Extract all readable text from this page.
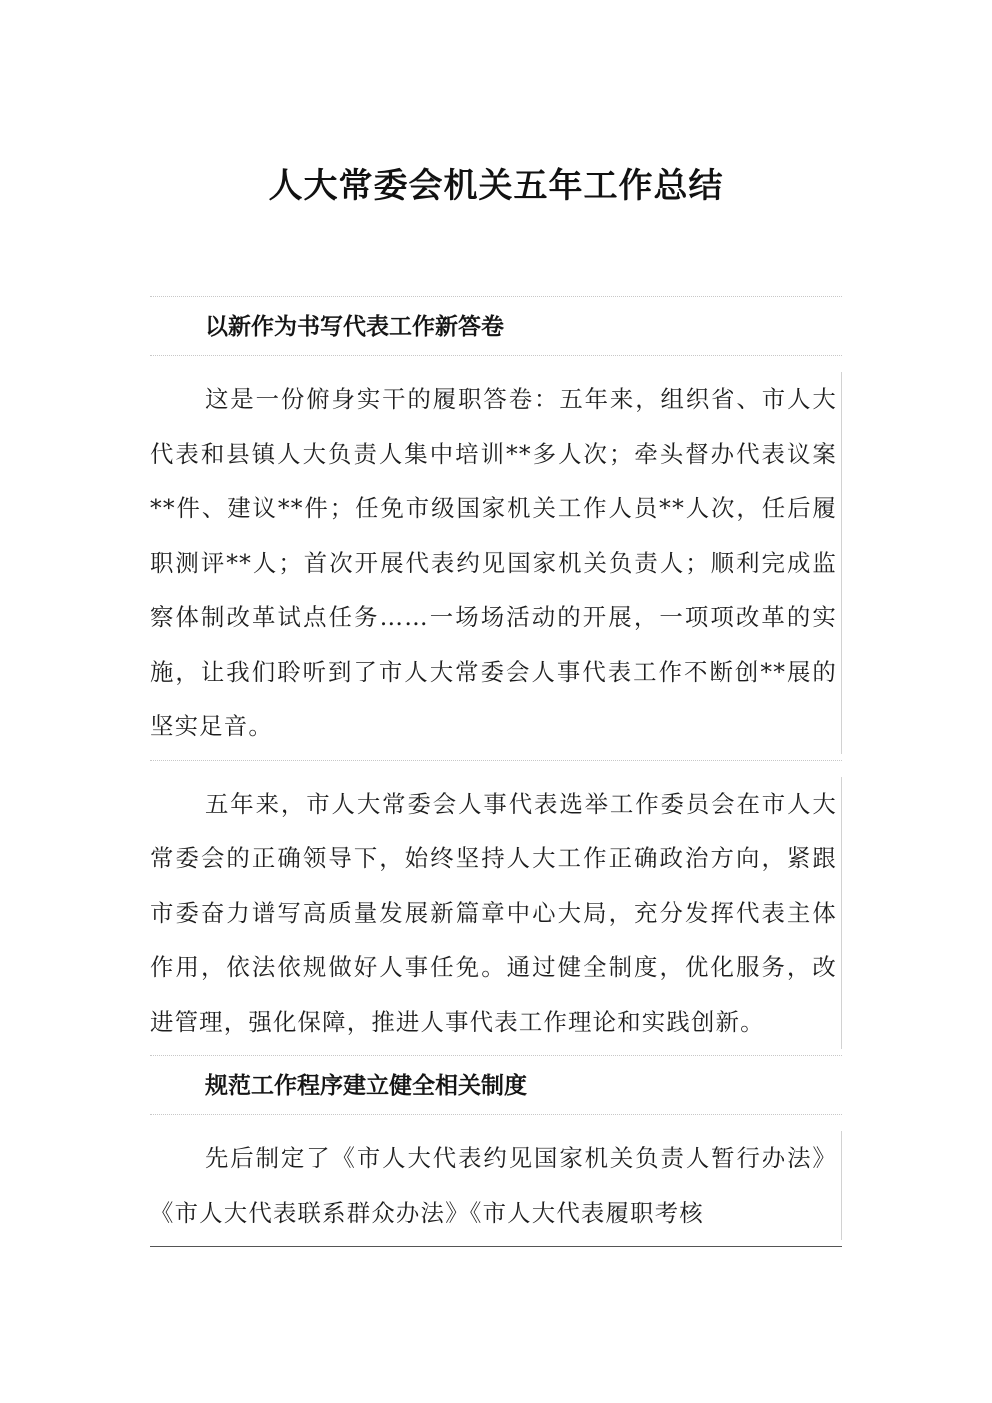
人大常委会机关五年工作总结
以新作为书写代表工作新答卷

这是一份俯身实干的履职答卷：五年来，组织省、市人大代表和县镇人大负责人集中培训**多人次；牵头督办代表议案**件、建议**件；任免市级国家机关工作人员**人次，任后履职测评**人；首次开展代表约见国家机关负责人；顺利完成监察体制改革试点任务……一场场活动的开展，一项项改革的实施，让我们聆听到了市人大常委会人事代表工作不断创**展的坚实足音。

五年来，市人大常委会人事代表选举工作委员会在市人大常委会的正确领导下，始终坚持人大工作正确政治方向，紧跟市委奋力谱写高质量发展新篇章中心大局，充分发挥代表主体作用，依法依规做好人事任免。通过健全制度，优化服务，改进管理，强化保障，推进人事代表工作理论和实践创新。

规范工作程序建立健全相关制度

先后制定了《市人大代表约见国家机关负责人暂行办法》《市人大代表联系群众办法》《市人大代表履职考核
